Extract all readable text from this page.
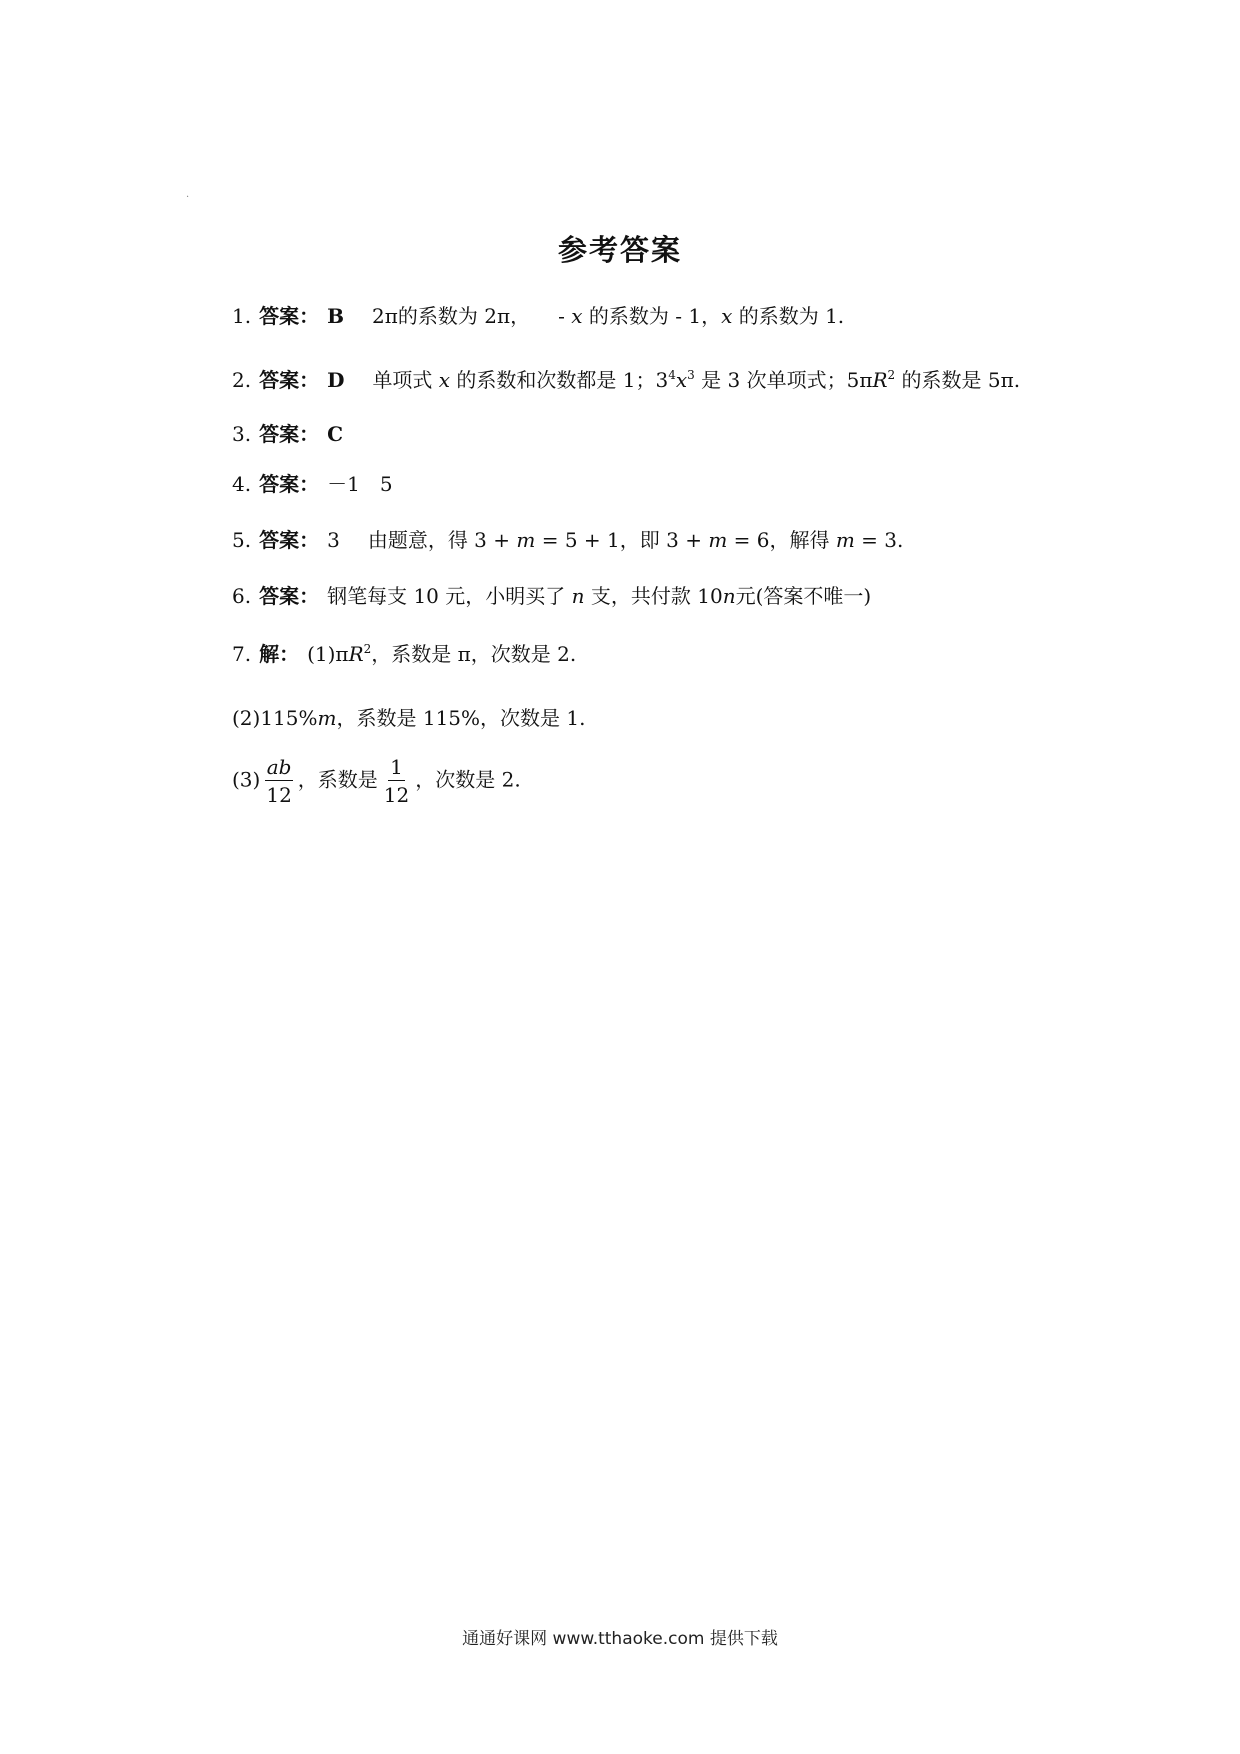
·
参考答案
1. 答案： B 2π的系数为 2π， - x 的系数为 - 1，x 的系数为 1.
2. 答案： D 单项式 x 的系数和次数都是 1；$3^4x^3$ 是 3 次单项式；$5\pi R^2$ 的系数是 5π.
3. 答案： C
4. 答案： －1　5
5. 答案： 3 由题意，得 3 + m = 5 + 1，即 3 + m = 6，解得 m = 3.
6. 答案： 钢笔每支 10 元，小明买了 n 支，共付款 10n元(答案不唯一)
7. 解： $(1)\pi R^2$，系数是 π，次数是 2.
(2)115%m，系数是 115%，次数是 1.
$(3) \frac{ab}{12}$ ，系数是 $\frac{1}{12}$ ，次数是 2.
通通好课网 www.tthaoke.com 提供下载
